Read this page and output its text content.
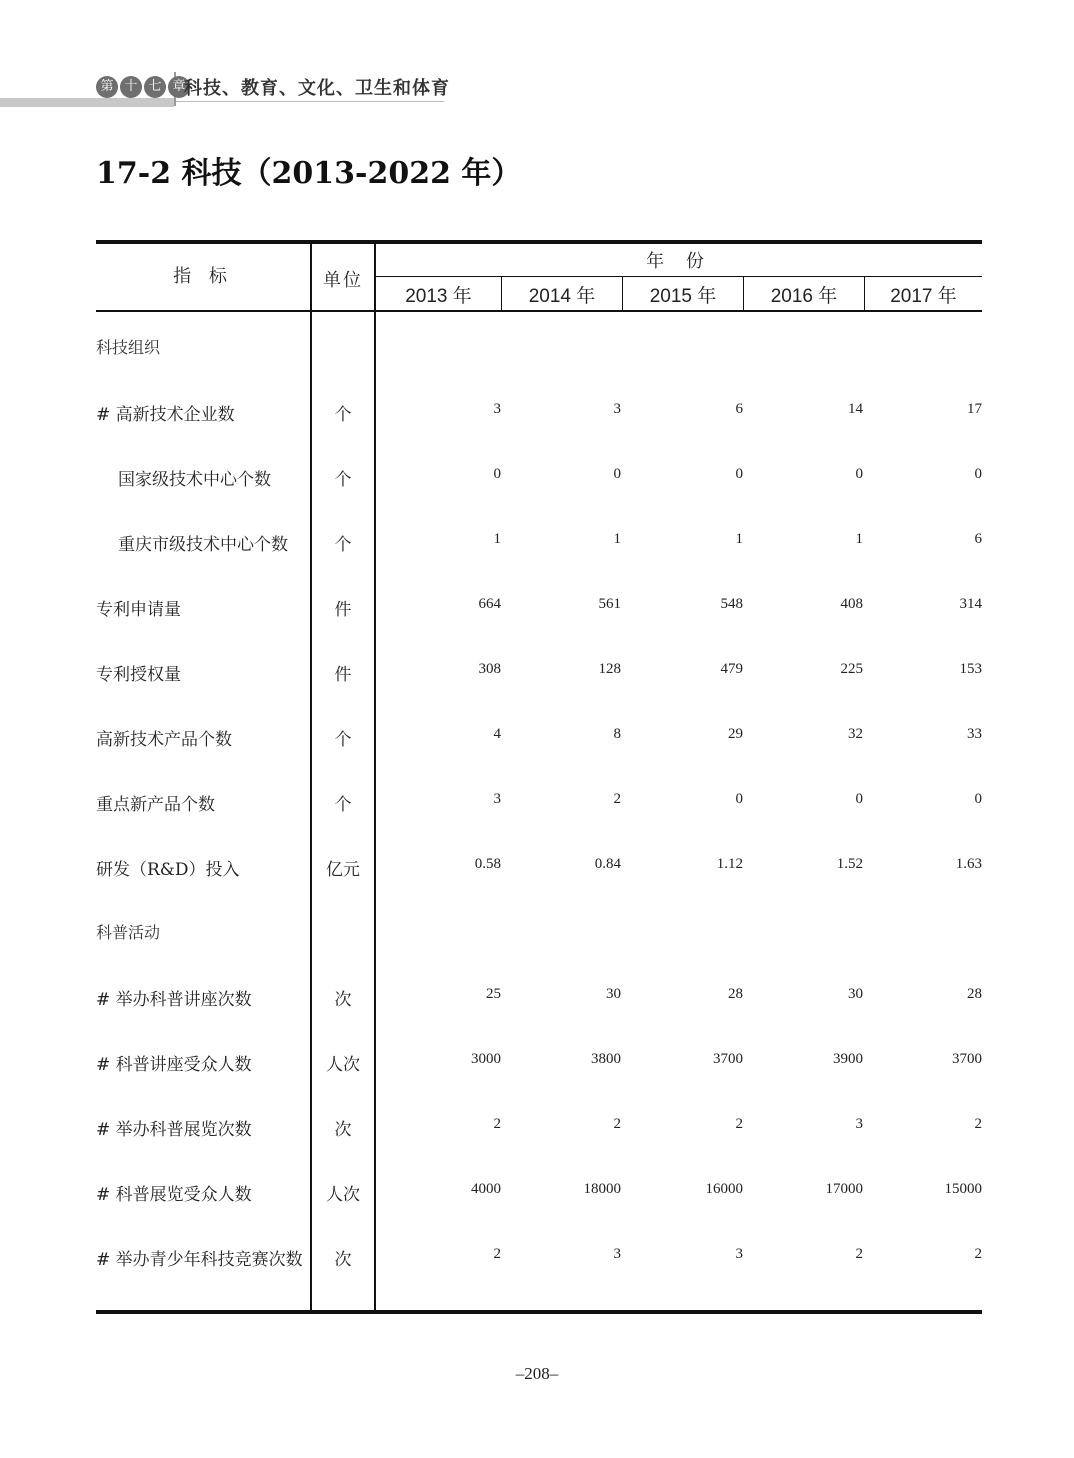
第 十 七 章
科技、教育、文化、卫生和体育
17-2 科技（2013-2022 年）
指 标	单位
年 份
2013 年	2014 年	2015 年	2016 年	2017 年
科技组织
# 高新技术企业数	个	3	3	6	14	17
国家级技术中心个数	个	0	0	0	0	0
重庆市级技术中心个数	个	1	1	1	1	6
专利申请量	件	664	561	548	408	314
专利授权量	件	308	128	479	225	153
高新技术产品个数	个	4	8	29	32	33
重点新产品个数	个	3	2	0	0	0
研发（R&D）投入	亿元	0.58	0.84	1.12	1.52	1.63
科普活动
# 举办科普讲座次数	次	25	30	28	30	28
# 科普讲座受众人数	人次	3000	3800	3700	3900	3700
# 举办科普展览次数	次	2	2	2	3	2
# 科普展览受众人数	人次	4000	18000	16000	17000	15000
# 举办青少年科技竞赛次数	次	2	3	3	2	2
–208–
